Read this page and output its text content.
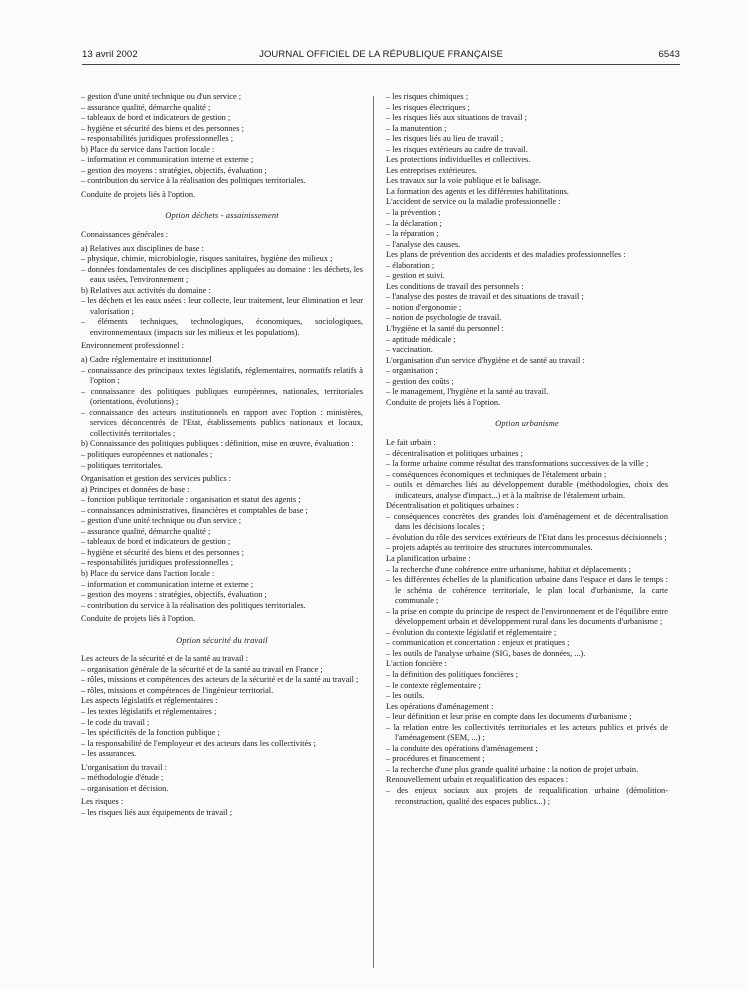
13 avril 2002	JOURNAL OFFICIEL DE LA RÉPUBLIQUE FRANÇAISE	6543

– gestion d'une unité technique ou d'un service ;

– assurance qualité, démarche qualité ;

– tableaux de bord et indicateurs de gestion ;

– hygiène et sécurité des biens et des personnes ;

– responsabilités juridiques professionnelles ;

b) Place du service dans l'action locale :

– information et communication interne et externe ;

– gestion des moyens : stratégies, objectifs, évaluation ;

– contribution du service à la réalisation des politiques territoriales.

Conduite de projets liés à l'option.

Option déchets - assainissement

Connaissances générales :

a) Relatives aux disciplines de base :

– physique, chimie, microbiologie, risques sanitaires, hygiène des milieux ;

– données fondamentales de ces disciplines appliquées au domaine : les déchets, les eaux usées, l'environnement ;

b) Relatives aux activités du domaine :

– les déchets et les eaux usées : leur collecte, leur traitement, leur élimination et leur valorisation ;

– éléments techniques, technologiques, économiques, sociologiques, environnementaux (impacts sur les milieux et les populations).

Environnement professionnel :

a) Cadre réglementaire et institutionnel

– connaissance des principaux textes législatifs, réglementaires, normatifs relatifs à l'option ;

– connaissance des politiques publiques européennes, nationales, territoriales (orientations, évolutions) ;

– connaissance des acteurs institutionnels en rapport avec l'option : ministères, services déconcentrés de l'Etat, établissements publics nationaux et locaux, collectivités territoriales ;

b) Connaissance des politiques publiques : définition, mise en œuvre, évaluation :

– politiques européennes et nationales ;

– politiques territoriales.

Organisation et gestion des services publics :

a) Principes et données de base :

– fonction publique territoriale : organisation et statut des agents ;

– connaissances administratives, financières et comptables de base ;

– gestion d'une unité technique ou d'un service ;

– assurance qualité, démarche qualité ;

– tableaux de bord et indicateurs de gestion ;

– hygiène et sécurité des biens et des personnes ;

– responsabilités juridiques professionnelles ;

b) Place du service dans l'action locale :

– information et communication interne et externe ;

– gestion des moyens : stratégies, objectifs, évaluation ;

– contribution du service à la réalisation des politiques territoriales.

Conduite de projets liés à l'option.

Option sécurité du travail

Les acteurs de la sécurité et de la santé au travail :

– organisation générale de la sécurité et de la santé au travail en France ;

– rôles, missions et compétences des acteurs de la sécurité et de la santé au travail ;

– rôles, missions et compétences de l'ingénieur territorial.

Les aspects législatifs et réglementaires :

– les textes législatifs et réglementaires ;

– le code du travail ;

– les spécificités de la fonction publique ;

– la responsabilité de l'employeur et des acteurs dans les collectivités ;

– les assurances.

L'organisation du travail :

– méthodologie d'étude ;

– organisation et décision.

Les risques :

– les risques liés aux équipements de travail ;

– les risques chimiques ;

– les risques électriques ;

– les risques liés aux situations de travail ;

– la manutention ;

– les risques liés au lieu de travail ;

– les risques extérieurs au cadre de travail.

Les protections individuelles et collectives.

Les entreprises extérieures.

Les travaux sur la voie publique et le balisage.

La formation des agents et les différentes habilitations.

L'accident de service ou la maladie professionnelle :

– la prévention ;

– la déclaration ;

– la réparation ;

– l'analyse des causes.

Les plans de prévention des accidents et des maladies professionnelles :

– élaboration ;

– gestion et suivi.

Les conditions de travail des personnels :

– l'analyse des postes de travail et des situations de travail ;

– notion d'ergonomie ;

– notion de psychologie de travail.

L'hygiène et la santé du personnel :

– aptitude médicale ;

– vaccination.

L'organisation d'un service d'hygiène et de santé au travail :

– organisation ;

– gestion des coûts ;

– le management, l'hygiène et la santé au travail.

Conduite de projets liés à l'option.

Option urbanisme

Le fait urbain :

– décentralisation et politiques urbaines ;

– la forme urbaine comme résultat des transformations successives de la ville ;

– conséquences économiques et techniques de l'étalement urbain ;

– outils et démarches liés au développement durable (méthodologies, choix des indicateurs, analyse d'impact...) et à la maîtrise de l'étalement urbain.

Décentralisation et politiques urbaines :

– conséquences concrètes des grandes lois d'aménagement et de décentralisation dans les décisions locales ;

– évolution du rôle des services extérieurs de l'Etat dans les processus décisionnels ;

– projets adaptés au territoire des structures intercommunales.

La planification urbaine :

– la recherche d'une cohérence entre urbanisme, habitat et déplacements ;

– les différentes échelles de la planification urbaine dans l'espace et dans le temps : le schéma de cohérence territoriale, le plan local d'urbanisme, la carte communale ;

– la prise en compte du principe de respect de l'environnement et de l'équilibre entre développement urbain et développement rural dans les documents d'urbanisme ;

– évolution du contexte législatif et réglementaire ;

– communication et concertation : enjeux et pratiques ;

– les outils de l'analyse urbaine (SIG, bases de données, ...).

L'action foncière :

– la définition des politiques foncières ;

– le contexte réglementaire ;

– les outils.

Les opérations d'aménagement :

– leur définition et leur prise en compte dans les documents d'urbanisme ;

– la relation entre les collectivités territoriales et les acteurs publics et privés de l'aménagement (SEM, ...) ;

– la conduite des opérations d'aménagement ;

– procédures et financement ;

– la recherche d'une plus grande qualité urbaine : la notion de projet urbain.

Renouvellement urbain et requalification des espaces :

– des enjeux sociaux aux projets de requalification urbaine (démolition-reconstruction, qualité des espaces publics...) ;
